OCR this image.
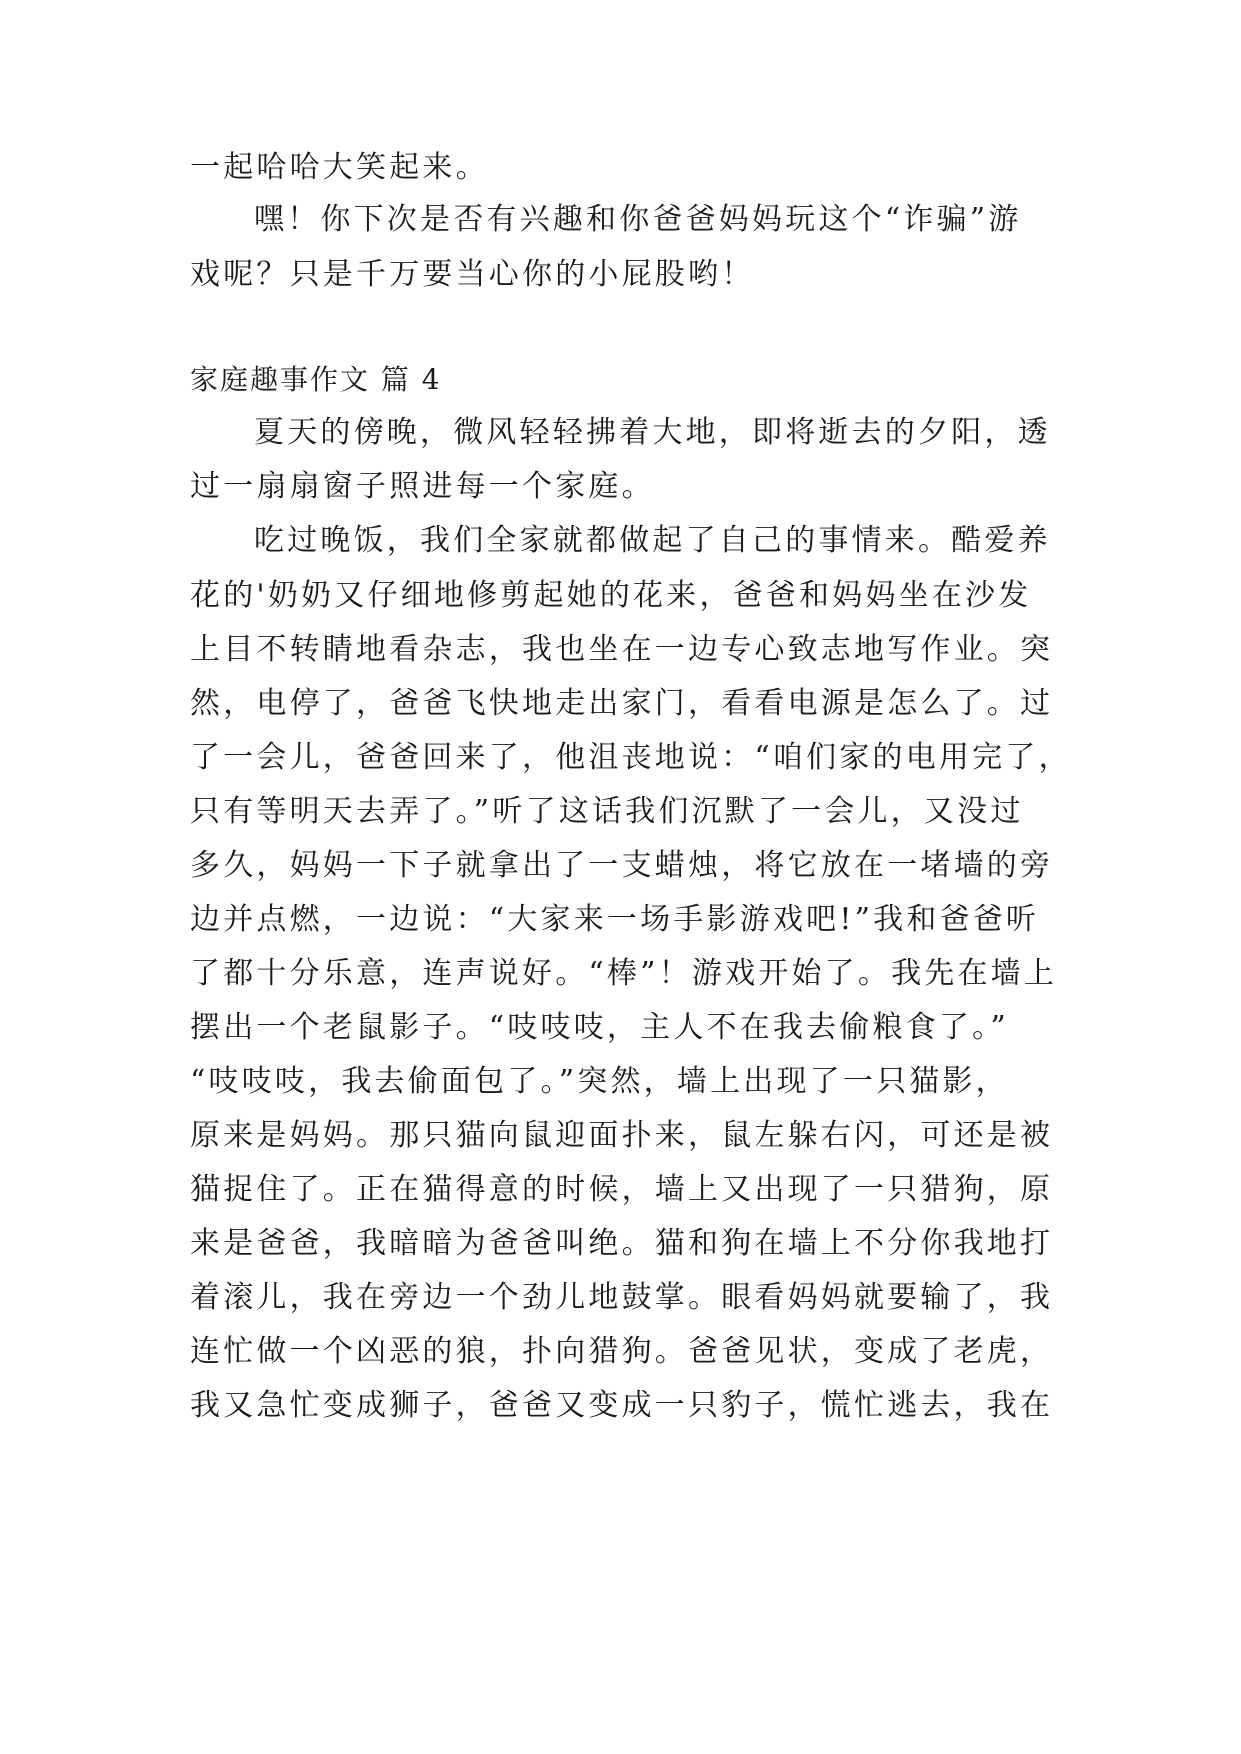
一起哈哈大笑起来。
嘿！你下次是否有兴趣和你爸爸妈妈玩这个“诈骗”游
戏呢？只是千万要当心你的小屁股哟！
家庭趣事作文 篇 4
夏天的傍晚，微风轻轻拂着大地，即将逝去的夕阳，透
过一扇扇窗子照进每一个家庭。
吃过晚饭，我们全家就都做起了自己的事情来。酷爱养
花的'奶奶又仔细地修剪起她的花来，爸爸和妈妈坐在沙发
上目不转睛地看杂志，我也坐在一边专心致志地写作业。突
然，电停了，爸爸飞快地走出家门，看看电源是怎么了。过
了一会儿，爸爸回来了，他沮丧地说：“咱们家的电用完了，
只有等明天去弄了。”听了这话我们沉默了一会儿，又没过
多久，妈妈一下子就拿出了一支蜡烛，将它放在一堵墙的旁
边并点燃，一边说：“大家来一场手影游戏吧!”我和爸爸听
了都十分乐意，连声说好。“棒”！游戏开始了。我先在墙上
摆出一个老鼠影子。“吱吱吱，主人不在我去偷粮食了。”
“吱吱吱，我去偷面包了。”突然，墙上出现了一只猫影，
原来是妈妈。那只猫向鼠迎面扑来，鼠左躲右闪，可还是被
猫捉住了。正在猫得意的时候，墙上又出现了一只猎狗，原
来是爸爸，我暗暗为爸爸叫绝。猫和狗在墙上不分你我地打
着滚儿，我在旁边一个劲儿地鼓掌。眼看妈妈就要输了，我
连忙做一个凶恶的狼，扑向猎狗。爸爸见状，变成了老虎，
我又急忙变成狮子，爸爸又变成一只豹子，慌忙逃去，我在
